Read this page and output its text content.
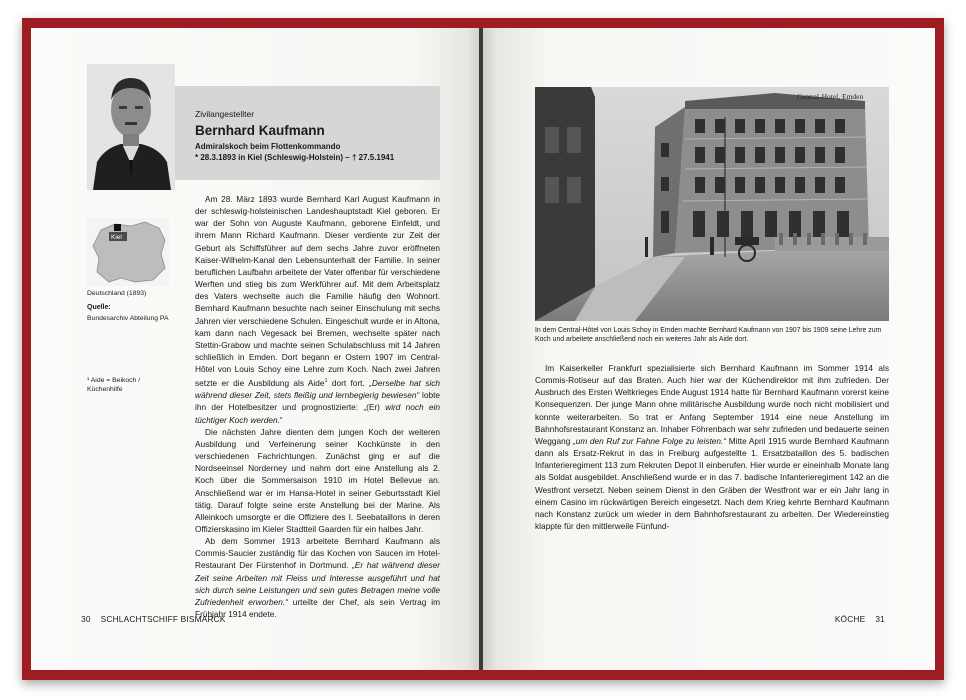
Zivilangestellter
Bernhard Kaufmann
Admiralskoch beim Flottenkommando
* 28.3.1893 in Kiel (Schleswig-Holstein) – † 27.5.1941
Kiel
Deutschland (1893)
Quelle:
Bundesarchiv Abteilung PA
¹ Aide = Beikoch / Küchenhilfe

Am 28. März 1893 wurde Bernhard Karl August Kaufmann in der schleswig-holsteinischen Landeshauptstadt Kiel geboren. Er war der Sohn von Auguste Kaufmann, geborene Einfeldt, und ihrem Mann Richard Kaufmann. Dieser verdiente zur Zeit der Geburt als Schiffsführer auf dem sechs Jahre zuvor eröffneten Kaiser-Wilhelm-Kanal den Lebensunterhalt der Familie. In seiner beruflichen Laufbahn arbeitete der Vater offenbar für verschiedene Werften und stieg bis zum Werkführer auf. Mit dem Arbeitsplatz des Vaters wechselte auch die Familie häufig den Wohnort. Bernhard Kaufmann besuchte nach seiner Einschulung mit sechs Jahren vier verschiedene Schulen. Eingeschult wurde er in Altona, kam dann nach Vegesack bei Bremen, wechselte später nach Stettin-Grabow und machte seinen Schulabschluss mit 14 Jahren schließlich in Emden. Dort begann er Ostern 1907 im Central-Hôtel von Louis Schoy eine Lehre zum Koch. Nach zwei Jahren setzte er die Ausbildung als Aide$^1$ dort fort. „Derselbe hat sich während dieser Zeit, stets fleißig und lernbegierig bewiesen“ lobte ihn der Hotelbesitzer und prognostizierte: „(Er) wird noch ein tüchtiger Koch werden.“

Die nächsten Jahre dienten dem jungen Koch der weiteren Ausbildung und Verfeinerung seiner Kochkünste in den verschiedenen Fachrichtungen. Zunächst ging er auf die Nordseeinsel Norderney und nahm dort eine Anstellung als 2. Koch über die Sommersaison 1910 im Hotel Bellevue an. Anschließend war er im Hansa-Hotel in seiner Geburtsstadt Kiel tätig. Darauf folgte seine erste Anstellung bei der Marine. Als Alleinkoch umsorgte er die Offiziere des I. Seebataillons in deren Offizierskasino im Kieler Stadtteil Gaarden für ein halbes Jahr.

Ab dem Sommer 1913 arbeitete Bernhard Kaufmann als Commis-Saucier zuständig für das Kochen von Saucen im Hotel-Restaurant Der Fürstenhof in Dortmund. „Er hat während dieser Zeit seine Arbeiten mit Fleiss und Interesse ausgeführt und hat sich durch seine Leistungen und sein gutes Betragen meine volle Zufriedenheit erworben.“ urteilte der Chef, als sein Vertrag im Frühjahr 1914 endete.

30 SCHLACHTSCHIFF BISMARCK
Central-Hotel, Emden
In dem Central-Hôtel von Louis Schoy in Emden machte Bernhard Kaufmann von 1907 bis 1909 seine Lehre zum Koch und arbeitete anschließend noch ein weiteres Jahr als Aide dort.

Im Kaiserkeller Frankfurt spezialisierte sich Bernhard Kaufmann im Sommer 1914 als Commis-Rotiseur auf das Braten. Auch hier war der Küchendirektor mit ihm zufrieden. Der Ausbruch des Ersten Weltkrieges Ende August 1914 hatte für Bernhard Kaufmann vorerst keine Konsequenzen. Der junge Mann ohne militärische Ausbildung wurde noch nicht mobilisiert und konnte weiterarbeiten. So trat er Anfang September 1914 eine neue Anstellung im Bahnhofsrestaurant Konstanz an. Inhaber Föhrenbach war sehr zufrieden und bedauerte seinen Weggang „um den Ruf zur Fahne Folge zu leisten.“ Mitte April 1915 wurde Bernhard Kaufmann dann als Ersatz-Rekrut in das in Freiburg aufgestellte 1. Ersatzbataillon des 5. badischen Infanterieregiment 113 zum Rekruten Depot II einberufen. Hier wurde er eineinhalb Monate lang als Soldat ausgebildet. Anschließend wurde er in das 7. badische Infanterieregiment 142 an die Westfront versetzt. Neben seinem Dienst in den Gräben der Westfront war er ein Jahr lang in einem Casino im rückwärtigen Bereich eingesetzt. Nach dem Krieg kehrte Bernhard Kaufmann nach Konstanz zurück um wieder in dem Bahnhofsrestaurant zu arbeiten. Der Wiedereinstieg klappte für den mittlerweile Fünfund-

KÖCHE 31
